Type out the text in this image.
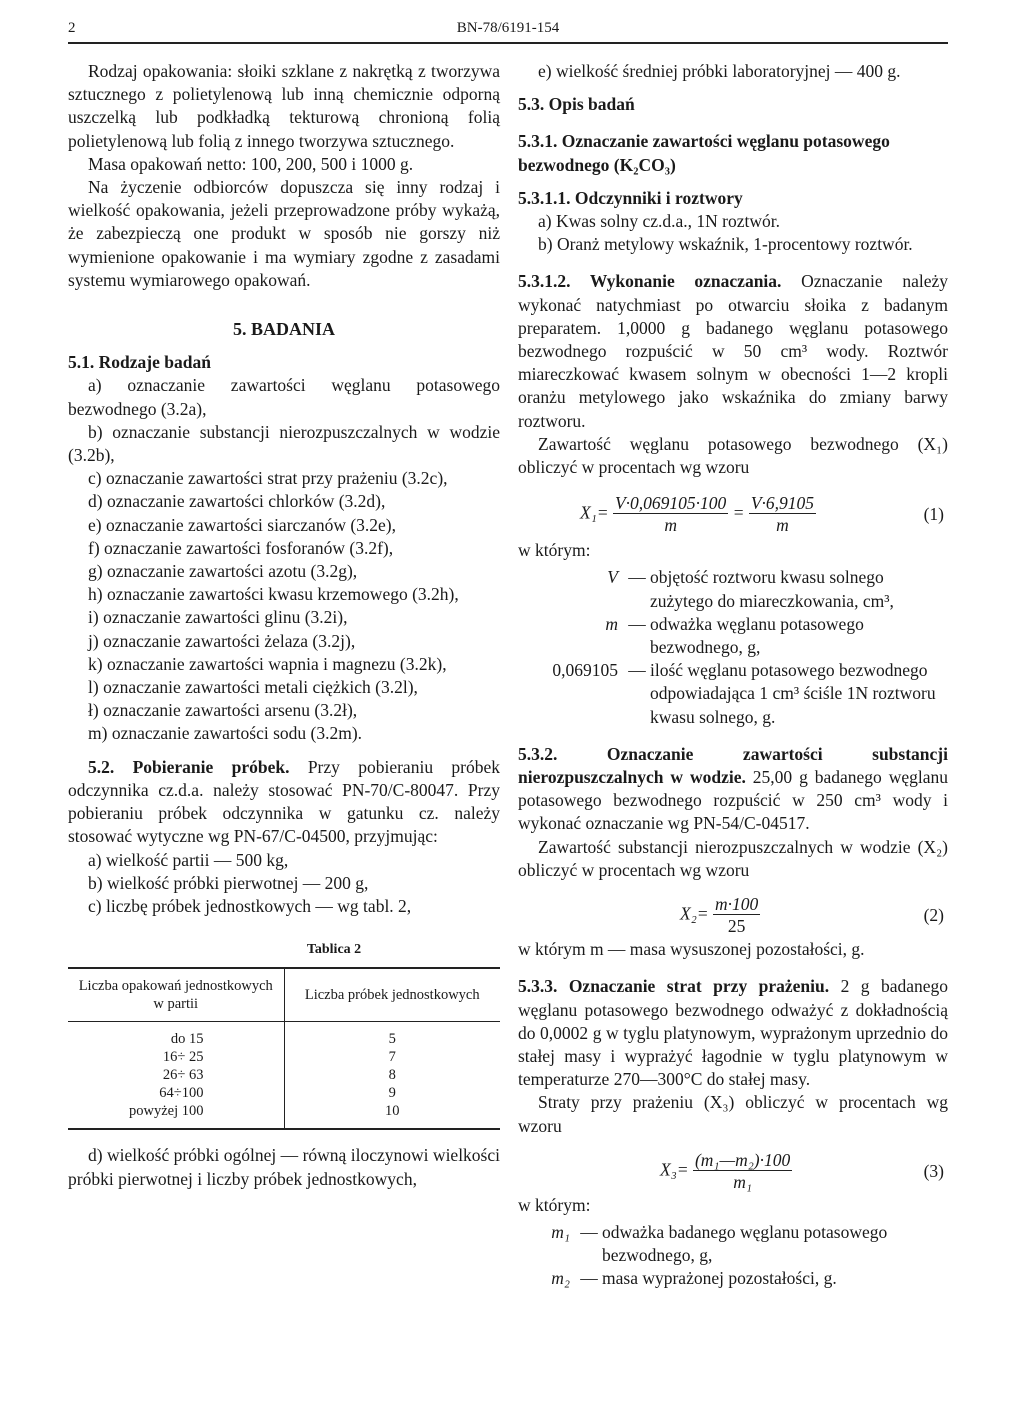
2	BN-78/6191-154

Rodzaj opakowania: słoiki szklane z nakrętką z tworzywa sztucznego z polietylenową lub inną chemicznie odporną uszczelką lub podkładką tekturową chronioną folią polietylenową lub folią z innego tworzywa sztucznego.

Masa opakowań netto: 100, 200, 500 i 1000 g.

Na życzenie odbiorców dopuszcza się inny rodzaj i wielkość opakowania, jeżeli przeprowadzone próby wykażą, że zabezpieczą one produkt w sposób nie gorszy niż wymienione opakowanie i ma wymiary zgodne z zasadami systemu wymiarowego opakowań.

5. BADANIA

5.1. Rodzaje badań

a) oznaczanie zawartości węglanu potasowego bezwodnego (3.2a),
b) oznaczanie substancji nierozpuszczalnych w wodzie (3.2b),
c) oznaczanie zawartości strat przy prażeniu (3.2c),
d) oznaczanie zawartości chlorków (3.2d),
e) oznaczanie zawartości siarczanów (3.2e),
f) oznaczanie zawartości fosforanów (3.2f),
g) oznaczanie zawartości azotu (3.2g),
h) oznaczanie zawartości kwasu krzemowego (3.2h),
i) oznaczanie zawartości glinu (3.2i),
j) oznaczanie zawartości żelaza (3.2j),
k) oznaczanie zawartości wapnia i magnezu (3.2k),
l) oznaczanie zawartości metali ciężkich (3.2l),
ł) oznaczanie zawartości arsenu (3.2ł),
m) oznaczanie zawartości sodu (3.2m).

5.2. Pobieranie próbek. Przy pobieraniu próbek odczynnika cz.d.a. należy stosować PN-70/C-80047. Przy pobieraniu próbek odczynnika w gatunku cz. należy stosować wytyczne wg PN-67/C-04500, przyjmując:

a) wielkość partii — 500 kg,
b) wielkość próbki pierwotnej — 200 g,
c) liczbę próbek jednostkowych — wg tabl. 2,

Tablica 2

Liczba opakowań jednostkowych w partii	Liczba próbek jednostkowych
do 15	5
16÷ 25	7
26÷ 63	8
64÷100	9
powyżej 100	10

d) wielkość próbki ogólnej — równą iloczynowi wielkości próbki pierwotnej i liczby próbek jednostkowych,

e) wielkość średniej próbki laboratoryjnej — 400 g.

5.3. Opis badań

5.3.1. Oznaczanie zawartości węglanu potasowego bezwodnego (K₂CO₃)

5.3.1.1. Odczynniki i roztwory

a) Kwas solny cz.d.a., 1N roztwór.

b) Oranż metylowy wskaźnik, 1-procentowy roztwór.

5.3.1.2. Wykonanie oznaczania. Oznaczanie należy wykonać natychmiast po otwarciu słoika z badanym preparatem. 1,0000 g badanego węglanu potasowego bezwodnego rozpuścić w 50 cm³ wody. Roztwór miareczkować kwasem solnym w obecności 1—2 kropli oranżu metylowego jako wskaźnika do zmiany barwy roztworu.

Zawartość węglanu potasowego bezwodnego (X₁) obliczyć w procentach wg wzoru

$X_1= \frac{V\cdot 0,069105\cdot 100}{m} = \frac{V\cdot 6,9105}{m}$	(1)

w którym:

V — objętość roztworu kwasu solnego zużytego do miareczkowania, cm³,
m — odważka węglanu potasowego bezwodnego, g,
0,069105 — ilość węglanu potasowego bezwodnego odpowiadająca 1 cm³ ściśle 1N roztworu kwasu solnego, g.

5.3.2. Oznaczanie zawartości substancji nierozpuszczalnych w wodzie. 25,00 g badanego węglanu potasowego bezwodnego rozpuścić w 250 cm³ wody i wykonać oznaczanie wg PN-54/C-04517.

Zawartość substancji nierozpuszczalnych w wodzie (X₂) obliczyć w procentach wg wzoru

$X_2= \frac{m\cdot 100}{25}$	(2)

w którym m — masa wysuszonej pozostałości, g.

5.3.3. Oznaczanie strat przy prażeniu. 2 g badanego węglanu potasowego bezwodnego odważyć z dokładnością do 0,0002 g w tyglu platynowym, wyprażonym uprzednio do stałej masy i wyprażyć łagodnie w tyglu platynowym w temperaturze 270—300°C do stałej masy.

Straty przy prażeniu (X₃) obliczyć w procentach wg wzoru

$X_3= \frac{\text{(m₁—m₂)·100}}{\text{m₁}}$	(3)

w którym:

m₁ — odważka badanego węglanu potasowego bezwodnego, g,
m₂ — masa wyprażonej pozostałości, g.
